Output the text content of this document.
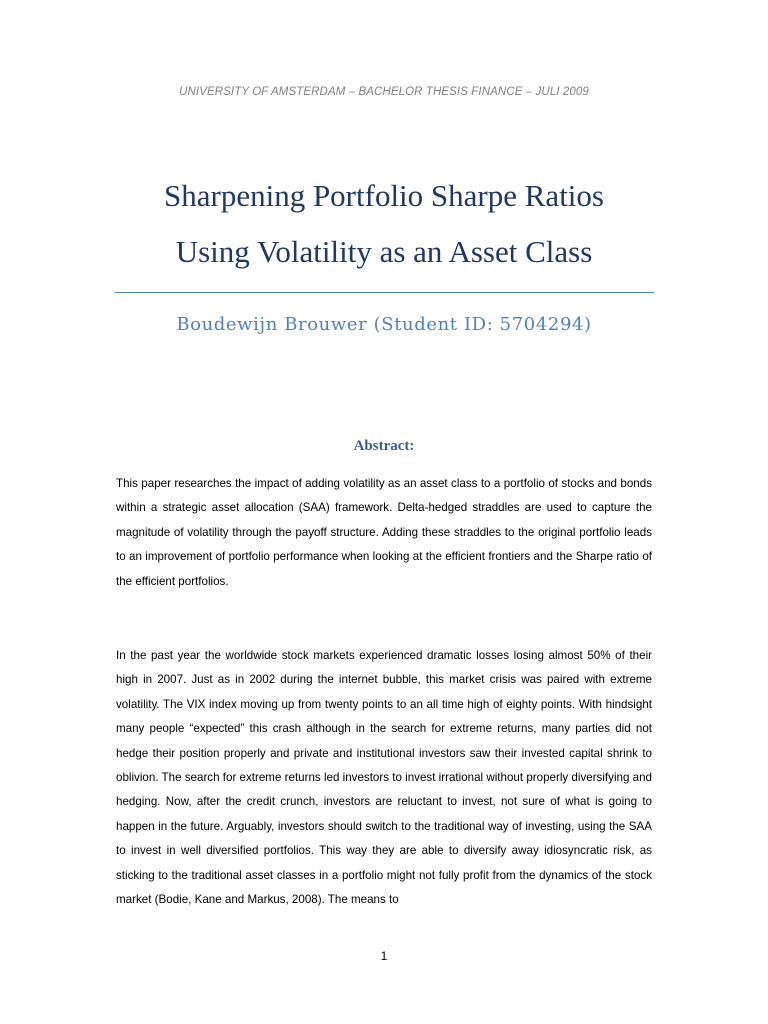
UNIVERSITY OF AMSTERDAM – BACHELOR THESIS FINANCE – JULI 2009
Sharpening Portfolio Sharpe Ratios
Using Volatility as an Asset Class
Boudewijn Brouwer (Student ID: 5704294)
Abstract:

This paper researches the impact of adding volatility as an asset class to a portfolio of stocks and bonds within a strategic asset allocation (SAA) framework. Delta-hedged straddles are used to capture the magnitude of volatility through the payoff structure. Adding these straddles to the original portfolio leads to an improvement of portfolio performance when looking at the efficient frontiers and the Sharpe ratio of the efficient portfolios.

In the past year the worldwide stock markets experienced dramatic losses losing almost 50% of their high in 2007. Just as in 2002 during the internet bubble, this market crisis was paired with extreme volatility. The VIX index moving up from twenty points to an all time high of eighty points. With hindsight many people “expected” this crash although in the search for extreme returns, many parties did not hedge their position properly and private and institutional investors saw their invested capital shrink to oblivion. The search for extreme returns led investors to invest irrational without properly diversifying and hedging. Now, after the credit crunch, investors are reluctant to invest, not sure of what is going to happen in the future. Arguably, investors should switch to the traditional way of investing, using the SAA to invest in well diversified portfolios. This way they are able to diversify away idiosyncratic risk, as sticking to the traditional asset classes in a portfolio might not fully profit from the dynamics of the stock market (Bodie, Kane and Markus, 2008). The means to

1
